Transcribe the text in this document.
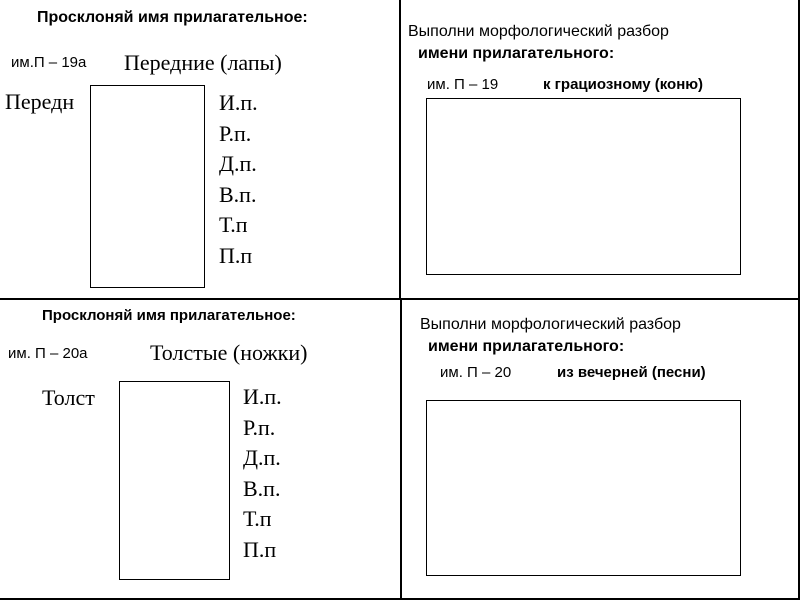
Просклоняй имя прилагательное:
им.П – 19а Передние (лапы)
Передн	И.п.
Р.п.
Д.п.
В.п.
Т.п
П.п
Выполни морфологический разбор
имени прилагательного:
им. П – 19	к грациозному (коню)
Просклоняй имя прилагательное:
им. П – 20а	Толстые (ножки)
Толст	И.п.
Р.п.
Д.п.
В.п.
Т.п
П.п
Выполни морфологический разбор
имени прилагательного:
им. П – 20	из вечерней (песни)
